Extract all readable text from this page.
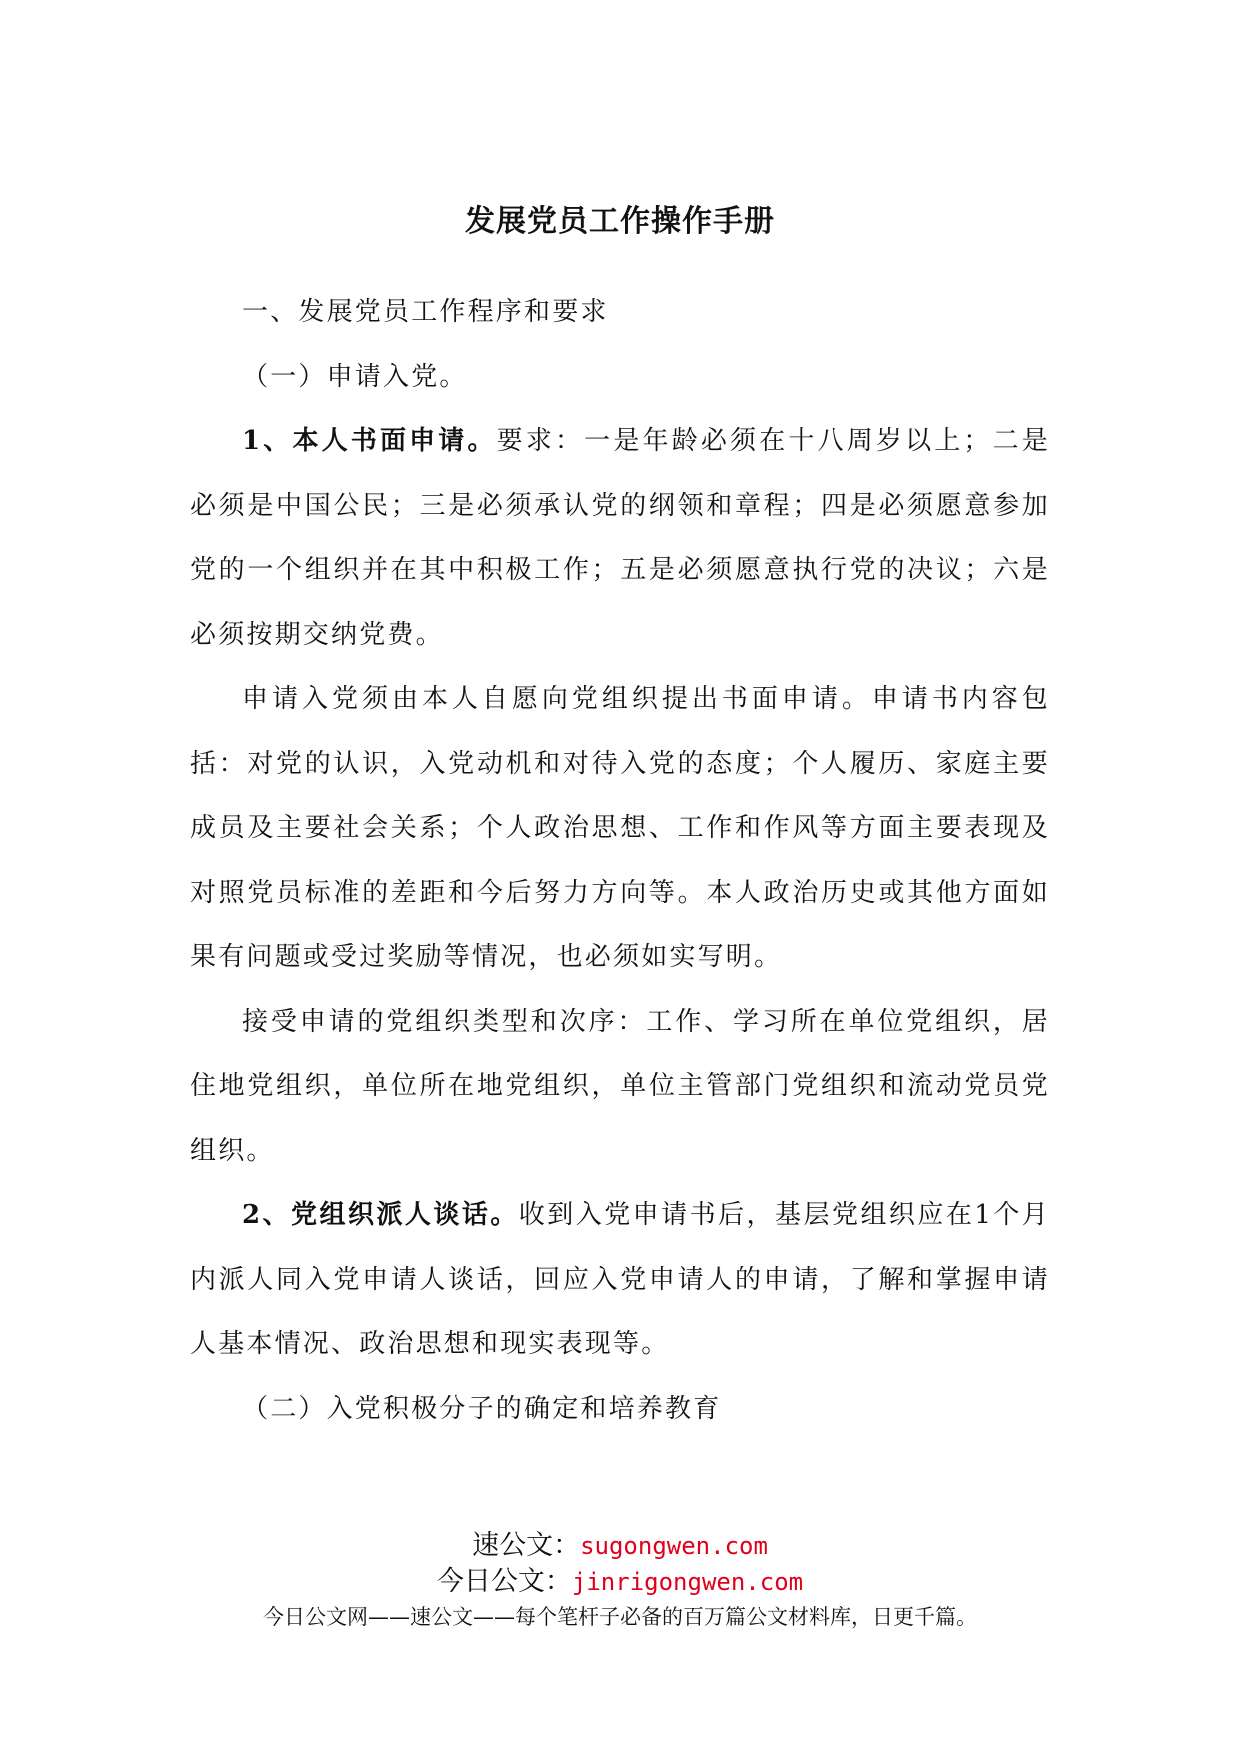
发展党员工作操作手册

一、发展党员工作程序和要求

（一）申请入党。

1、本人书面申请。要求：一是年龄必须在十八周岁以上；二是必须是中国公民；三是必须承认党的纲领和章程；四是必须愿意参加党的一个组织并在其中积极工作；五是必须愿意执行党的决议；六是必须按期交纳党费。

申请入党须由本人自愿向党组织提出书面申请。申请书内容包括：对党的认识，入党动机和对待入党的态度；个人履历、家庭主要成员及主要社会关系；个人政治思想、工作和作风等方面主要表现及对照党员标准的差距和今后努力方向等。本人政治历史或其他方面如果有问题或受过奖励等情况，也必须如实写明。

接受申请的党组织类型和次序：工作、学习所在单位党组织，居住地党组织，单位所在地党组织，单位主管部门党组织和流动党员党组织。

2、党组织派人谈话。收到入党申请书后，基层党组织应在1个月内派人同入党申请人谈话，回应入党申请人的申请，了解和掌握申请人基本情况、政治思想和现实表现等。

（二）入党积极分子的确定和培养教育

速公文：sugongwen.com
今日公文：jinrigongwen.com
今日公文网——速公文——每个笔杆子必备的百万篇公文材料库，日更千篇。
